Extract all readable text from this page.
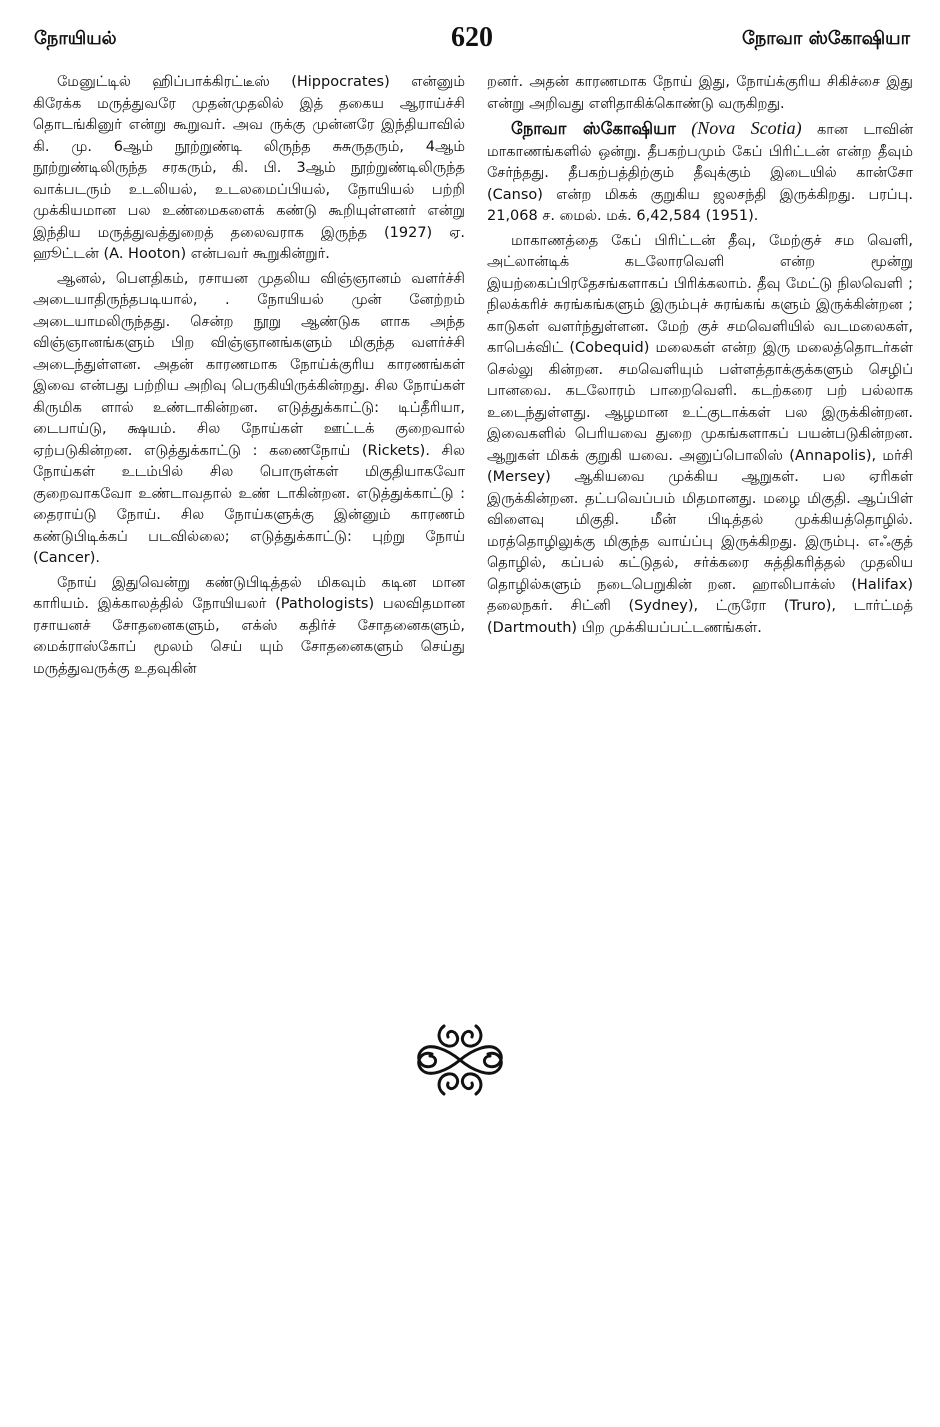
நோயியல்	620	நோவா ஸ்கோஷியா

மேனுட்டில் ஹிப்பாக்கிரட்டீஸ் (Hippocrates) என்னும் கிரேக்க மருத்துவரே முதன்முதலில் இத் தகைய ஆராய்ச்சி தொடங்கினுர் என்று கூறுவர். அவ ருக்கு முன்னரே இந்தியாவில் கி. மு. 6ஆம் நூற்றுண்டி லிருந்த சுசுருதரும், 4ஆம் நூற்றுண்டிலிருந்த சரகரும், கி. பி. 3ஆம் நூற்றுண்டிலிருந்த வாக்படரும் உடலியல், உடலமைப்பியல், நோயியல் பற்றி முக்கியமான பல உண்மைகளைக் கண்டு கூறியுள்ளனர் என்று இந்திய மருத்துவத்துறைத் தலைவராக இருந்த (1927) ஏ. ஹூட்டன் (A. Hooton) என்பவர் கூறுகின்றுர்.

ஆனல், பௌதிகம், ரசாயன முதலிய விஞ்ஞானம் வளர்ச்சி அடையாதிருந்தபடியால், . நோயியல் முன் னேற்றம் அடையாமலிருந்தது. சென்ற நூறு ஆண்டுக ளாக அந்த விஞ்ஞானங்களும் பிற விஞ்ஞானங்களும் மிகுந்த வளர்ச்சி அடைந்துள்ளன. அதன் காரணமாக நோய்க்குரிய காரணங்கள் இவை என்பது பற்றிய அறிவு பெருகியிருக்கின்றது. சில நோய்கள் கிருமிக ளால் உண்டாகின்றன. எடுத்துக்காட்டு: டிப்தீரியா, டைபாய்டு, க்ஷயம். சில நோய்கள் ஊட்டக் குறைவால் ஏற்படுகின்றன. எடுத்துக்காட்டு : கணைநோய் (Rickets). சில நோய்கள் உடம்பில் சில பொருள்கள் மிகுதியாகவோ குறைவாகவோ உண்டாவதால் உண் டாகின்றன. எடுத்துக்காட்டு : தைராய்டு நோய். சில நோய்களுக்கு இன்னும் காரணம் கண்டுபிடிக்கப் படவில்லை; எடுத்துக்காட்டு: புற்று நோய் (Cancer).

நோய் இதுவென்று கண்டுபிடித்தல் மிகவும் கடின மான காரியம். இக்காலத்தில் நோயியலர் (Pathologists) பலவிதமான ரசாயனச் சோதனைகளும், எக்ஸ் கதிர்ச் சோதனைகளும், மைக்ராஸ்கோப் மூலம் செய் யும் சோதனைகளும் செய்து மருத்துவருக்கு உதவுகின்

றனர். அதன் காரணமாக நோய் இது, நோய்க்குரிய சிகிச்சை இது என்று அறிவது எளிதாகிக்கொண்டு வருகிறது.

நோவா ஸ்கோஷியா (Nova Scotia) கான டாவின் மாகாணங்களில் ஒன்று. தீபகற்பமும் கேப் பிரிட்டன் என்ற தீவும் சேர்ந்தது. தீபகற்பத்திற்கும் தீவுக்கும் இடையில் கான்சோ (Canso) என்ற மிகக் குறுகிய ஜலசந்தி இருக்கிறது. பரப்பு. 21,068 ச. மைல். மக். 6,42,584 (1951).

மாகாணத்தை கேப் பிரிட்டன் தீவு, மேற்குச் சம வெளி, அட்லான்டிக் கடலோரவெளி என்ற மூன்று இயற்கைப்பிரதேசங்களாகப் பிரிக்கலாம். தீவு மேட்டு நிலவெளி ; நிலக்கரிச் சுரங்கங்களும் இரும்புச் சுரங்கங் களும் இருக்கின்றன ; காடுகள் வளர்ந்துள்ளன. மேற் குச் சமவெளியில் வடமலைகள், காபெக்விட் (Cobequid) மலைகள் என்ற இரு மலைத்தொடர்கள் செல்லு கின்றன. சமவெளியும் பள்ளத்தாக்குக்களும் செழிப் பானவை. கடலோரம் பாறைவெளி. கடற்கரை பற் பல்லாக உடைந்துள்ளது. ஆழமான உட்குடாக்கள் பல இருக்கின்றன. இவைகளில் பெரியவை துறை முகங்களாகப் பயன்படுகின்றன. ஆறுகள் மிகக் குறுகி யவை. அனுப்பொலிஸ் (Annapolis), மர்சி (Mersey) ஆகியவை முக்கிய ஆறுகள். பல ஏரிகள் இருக்கின்றன. தட்பவெப்பம் மிதமானது. மழை மிகுதி. ஆப்பிள் விளைவு மிகுதி. மீன் பிடித்தல் முக்கியத்தொழில். மரத்தொழிலுக்கு மிகுந்த வாய்ப்பு இருக்கிறது. இரும்பு. எஃகுத் தொழில், கப்பல் கட்டுதல், சர்க்கரை சுத்திகரித்தல் முதலிய தொழில்களும் நடைபெறுகின் றன. ஹாலிபாக்ஸ் (Halifax) தலைநகர். சிட்னி (Sydney), ட்ருரோ (Truro), டார்ட்மத் (Dartmouth) பிற முக்கியப்பட்டணங்கள்.
